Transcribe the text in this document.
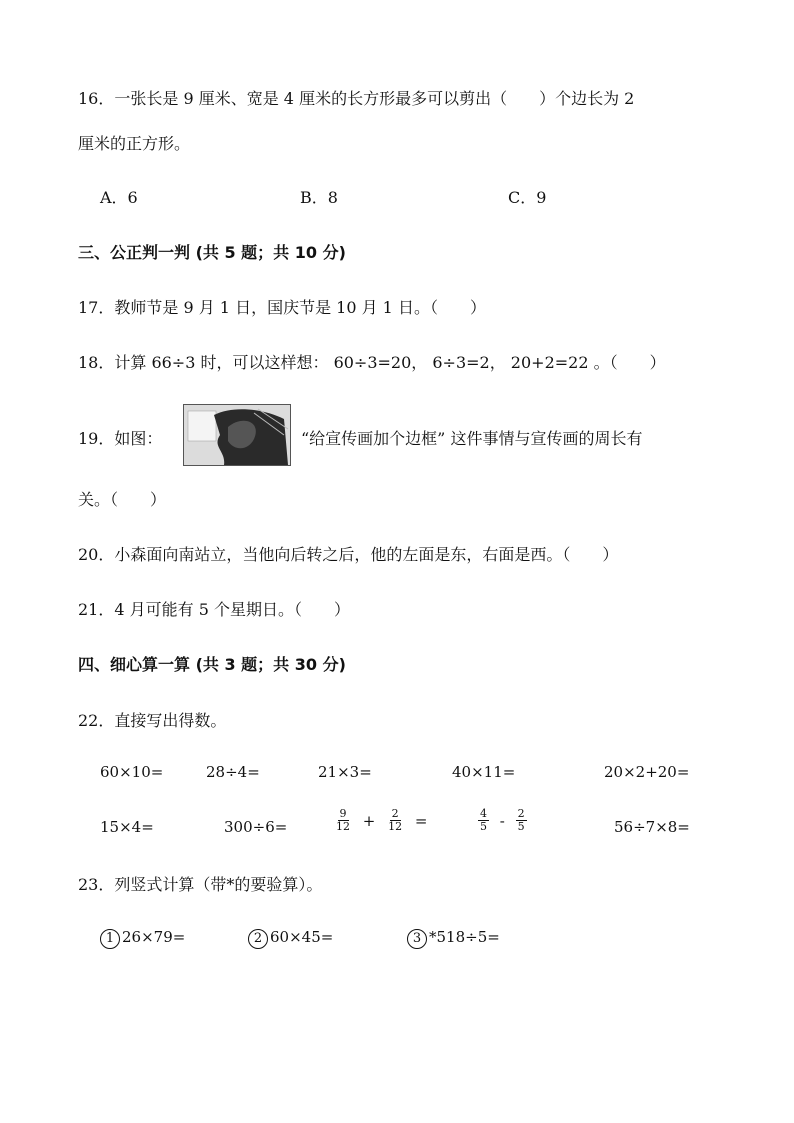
16．一张长是 9 厘米、宽是 4 厘米的长方形最多可以剪出（　　）个边长为 2
厘米的正方形。
A．6	B．8	C．9
三、公正判一判 (共 5 题；共 10 分)
17．教师节是 9 月 1 日，国庆节是 10 月 1 日。（　　）
18．计算 66÷3 时，可以这样想： 60÷3=20， 6÷3=2， 20+2=22 。（　　）
19．如图：	“给宣传画加个边框” 这件事情与宣传画的周长有
关。（　　）
20．小森面向南站立，当他向后转之后，他的左面是东，右面是西。（　　）
21．4 月可能有 5 个星期日。（　　）
四、细心算一算 (共 3 题；共 30 分)
22．直接写出得数。
60×10=	28÷4=	21×3=	40×11=	20×2+20=
15×4=	300÷6=	$\frac{9}{12} + \frac{2}{12}$ =	$\frac{4}{5} - \frac{2}{5}$	56÷7×8=
23．列竖式计算（带*的要验算）。
1 26×79=	2 60×45=	3 *518÷5=
